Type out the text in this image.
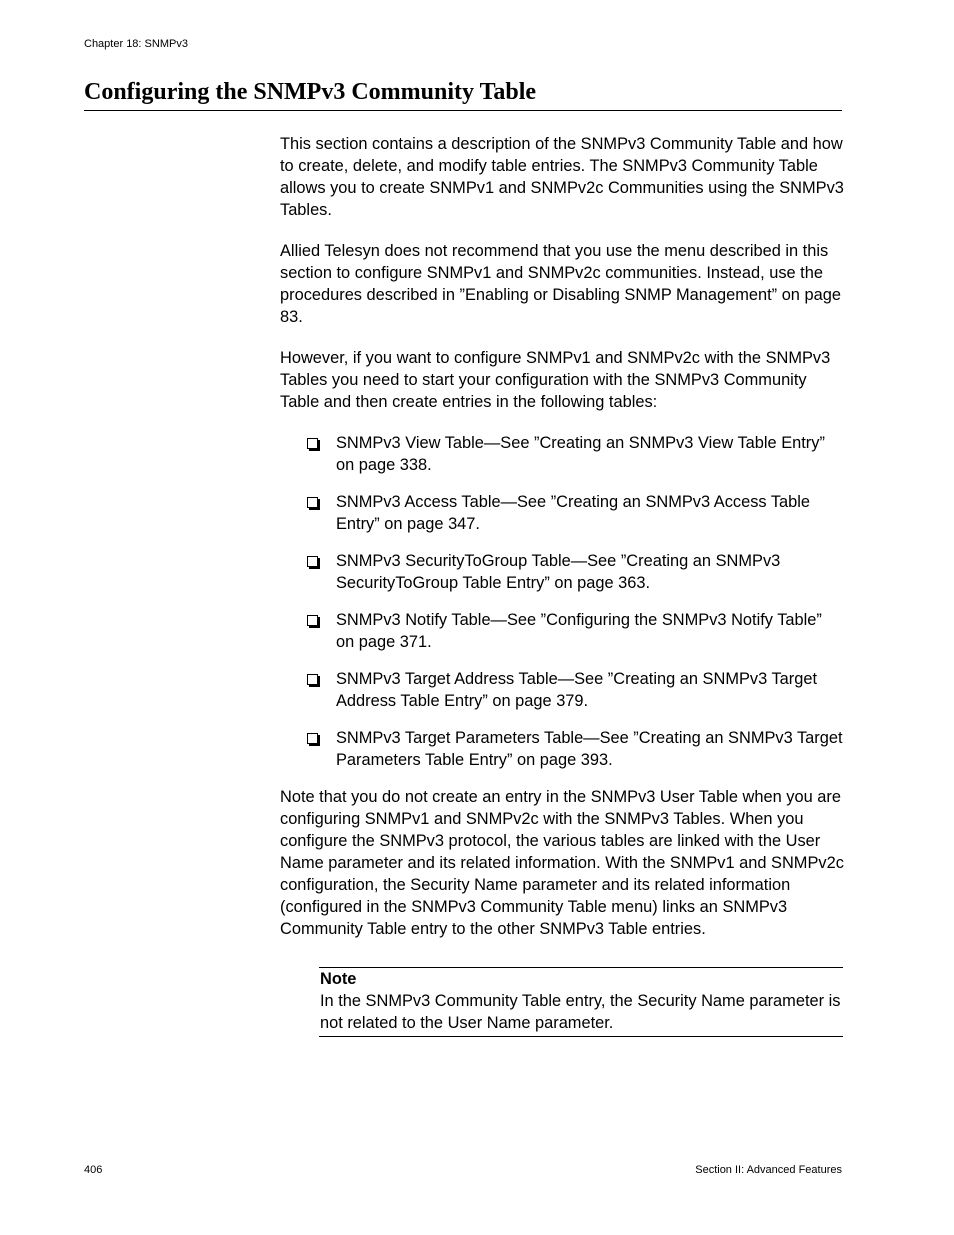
Chapter 18: SNMPv3
Configuring the SNMPv3 Community Table

This section contains a description of the SNMPv3 Community Table and how to create, delete, and modify table entries. The SNMPv3 Community Table allows you to create SNMPv1 and SNMPv2c Communities using the SNMPv3 Tables.

Allied Telesyn does not recommend that you use the menu described in this section to configure SNMPv1 and SNMPv2c communities. Instead, use the procedures described in ”Enabling or Disabling SNMP Management” on page 83.

However, if you want to configure SNMPv1 and SNMPv2c with the SNMPv3 Tables you need to start your configuration with the SNMPv3 Community Table and then create entries in the following tables:

SNMPv3 View Table—See ”Creating an SNMPv3 View Table Entry” on page 338.
SNMPv3 Access Table—See ”Creating an SNMPv3 Access Table Entry” on page 347.
SNMPv3 SecurityToGroup Table—See ”Creating an SNMPv3 SecurityToGroup Table Entry” on page 363.
SNMPv3 Notify Table—See ”Configuring the SNMPv3 Notify Table” on page 371.
SNMPv3 Target Address Table—See ”Creating an SNMPv3 Target Address Table Entry” on page 379.
SNMPv3 Target Parameters Table—See ”Creating an SNMPv3 Target Parameters Table Entry” on page 393.

Note that you do not create an entry in the SNMPv3 User Table when you are configuring SNMPv1 and SNMPv2c with the SNMPv3 Tables. When you configure the SNMPv3 protocol, the various tables are linked with the User Name parameter and its related information. With the SNMPv1 and SNMPv2c configuration, the Security Name parameter and its related information (configured in the SNMPv3 Community Table menu) links an SNMPv3 Community Table entry to the other SNMPv3 Table entries.

Note
In the SNMPv3 Community Table entry, the Security Name parameter is not related to the User Name parameter.
406	Section II: Advanced Features
